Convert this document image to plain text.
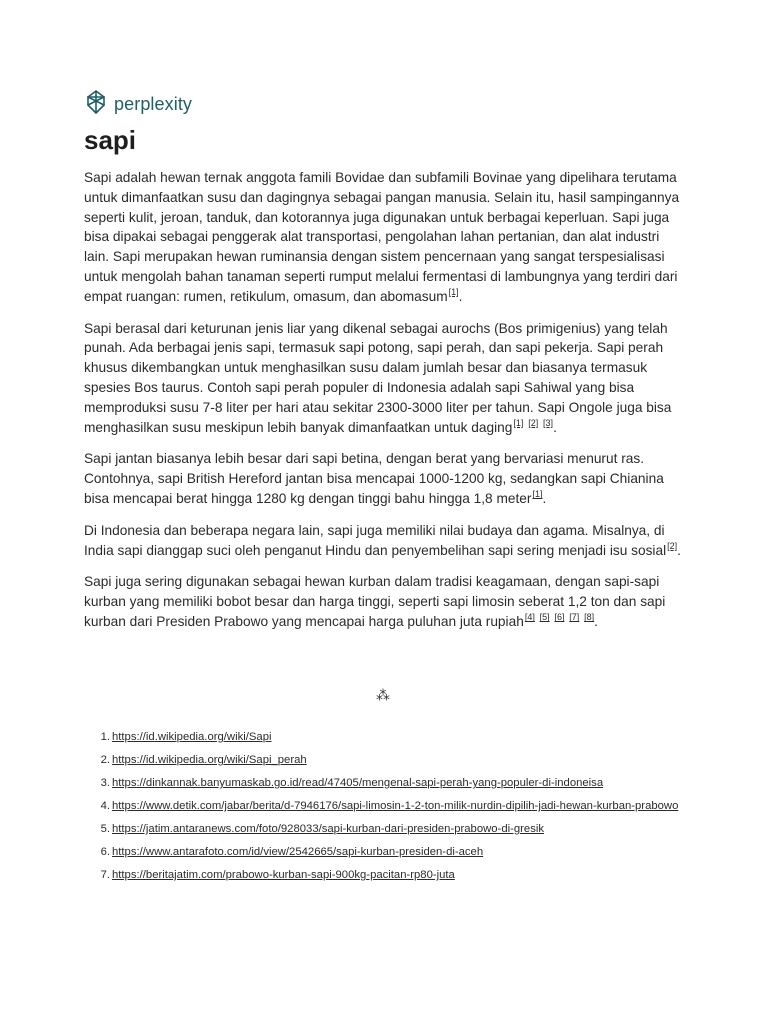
perplexity
sapi

Sapi adalah hewan ternak anggota famili Bovidae dan subfamili Bovinae yang dipelihara terutama untuk dimanfaatkan susu dan dagingnya sebagai pangan manusia. Selain itu, hasil sampingannya seperti kulit, jeroan, tanduk, dan kotorannya juga digunakan untuk berbagai keperluan. Sapi juga bisa dipakai sebagai penggerak alat transportasi, pengolahan lahan pertanian, dan alat industri lain. Sapi merupakan hewan ruminansia dengan sistem pencernaan yang sangat terspesialisasi untuk mengolah bahan tanaman seperti rumput melalui fermentasi di lambungnya yang terdiri dari empat ruangan: rumen, retikulum, omasum, dan abomasum[1].

Sapi berasal dari keturunan jenis liar yang dikenal sebagai aurochs (Bos primigenius) yang telah punah. Ada berbagai jenis sapi, termasuk sapi potong, sapi perah, dan sapi pekerja. Sapi perah khusus dikembangkan untuk menghasilkan susu dalam jumlah besar dan biasanya termasuk spesies Bos taurus. Contoh sapi perah populer di Indonesia adalah sapi Sahiwal yang bisa memproduksi susu 7-8 liter per hari atau sekitar 2300-3000 liter per tahun. Sapi Ongole juga bisa menghasilkan susu meskipun lebih banyak dimanfaatkan untuk daging[1] [2] [3].

Sapi jantan biasanya lebih besar dari sapi betina, dengan berat yang bervariasi menurut ras. Contohnya, sapi British Hereford jantan bisa mencapai 1000-1200 kg, sedangkan sapi Chianina bisa mencapai berat hingga 1280 kg dengan tinggi bahu hingga 1,8 meter[1].

Di Indonesia dan beberapa negara lain, sapi juga memiliki nilai budaya dan agama. Misalnya, di India sapi dianggap suci oleh penganut Hindu dan penyembelihan sapi sering menjadi isu sosial[2].

Sapi juga sering digunakan sebagai hewan kurban dalam tradisi keagamaan, dengan sapi-sapi kurban yang memiliki bobot besar dan harga tinggi, seperti sapi limosin seberat 1,2 ton dan sapi kurban dari Presiden Prabowo yang mencapai harga puluhan juta rupiah[4] [5] [6] [7] [8].

⁂
1. https://id.wikipedia.org/wiki/Sapi
2. https://id.wikipedia.org/wiki/Sapi_perah
3. https://dinkannak.banyumaskab.go.id/read/47405/mengenal-sapi-perah-yang-populer-di-indoneisa
4. https://www.detik.com/jabar/berita/d-7946176/sapi-limosin-1-2-ton-milik-nurdin-dipilih-jadi-hewan-kurban-prabowo
5. https://jatim.antaranews.com/foto/928033/sapi-kurban-dari-presiden-prabowo-di-gresik
6. https://www.antarafoto.com/id/view/2542665/sapi-kurban-presiden-di-aceh
7. https://beritajatim.com/prabowo-kurban-sapi-900kg-pacitan-rp80-juta
